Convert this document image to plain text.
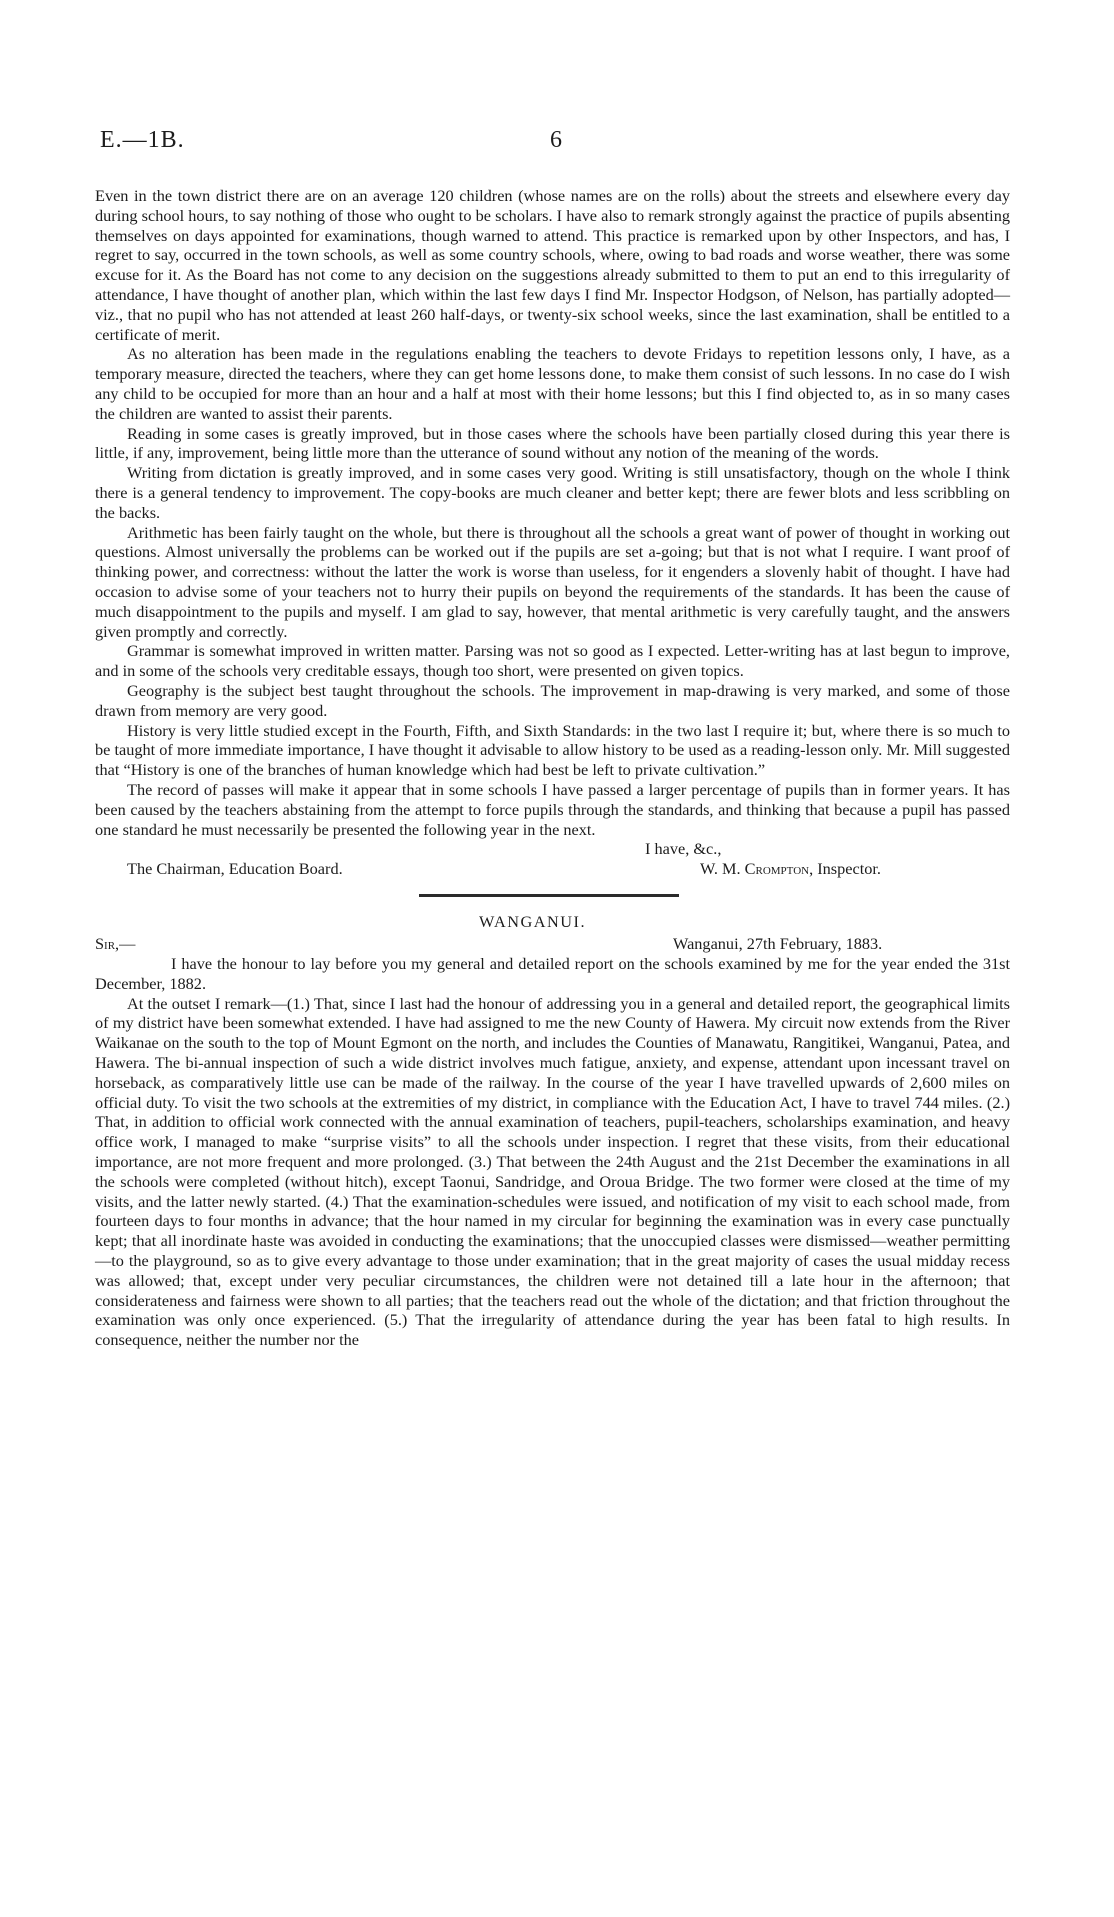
E.—1B.	6

Even in the town district there are on an average 120 children (whose names are on the rolls) about the streets and elsewhere every day during school hours, to say nothing of those who ought to be scholars. I have also to remark strongly against the practice of pupils absenting themselves on days appointed for examinations, though warned to attend. This practice is remarked upon by other Inspectors, and has, I regret to say, occurred in the town schools, as well as some country schools, where, owing to bad roads and worse weather, there was some excuse for it. As the Board has not come to any decision on the suggestions already submitted to them to put an end to this irregularity of attendance, I have thought of another plan, which within the last few days I find Mr. Inspector Hodgson, of Nelson, has partially adopted—viz., that no pupil who has not attended at least 260 half-days, or twenty-six school weeks, since the last examination, shall be entitled to a certificate of merit.

As no alteration has been made in the regulations enabling the teachers to devote Fridays to repetition lessons only, I have, as a temporary measure, directed the teachers, where they can get home lessons done, to make them consist of such lessons. In no case do I wish any child to be occupied for more than an hour and a half at most with their home lessons; but this I find objected to, as in so many cases the children are wanted to assist their parents.

Reading in some cases is greatly improved, but in those cases where the schools have been partially closed during this year there is little, if any, improvement, being little more than the utterance of sound without any notion of the meaning of the words.

Writing from dictation is greatly improved, and in some cases very good. Writing is still unsatisfactory, though on the whole I think there is a general tendency to improvement. The copy-books are much cleaner and better kept; there are fewer blots and less scribbling on the backs.

Arithmetic has been fairly taught on the whole, but there is throughout all the schools a great want of power of thought in working out questions. Almost universally the problems can be worked out if the pupils are set a-going; but that is not what I require. I want proof of thinking power, and correctness: without the latter the work is worse than useless, for it engenders a slovenly habit of thought. I have had occasion to advise some of your teachers not to hurry their pupils on beyond the requirements of the standards. It has been the cause of much disappointment to the pupils and myself. I am glad to say, however, that mental arithmetic is very carefully taught, and the answers given promptly and correctly.

Grammar is somewhat improved in written matter. Parsing was not so good as I expected. Letter-writing has at last begun to improve, and in some of the schools very creditable essays, though too short, were presented on given topics.

Geography is the subject best taught throughout the schools. The improvement in map-drawing is very marked, and some of those drawn from memory are very good.

History is very little studied except in the Fourth, Fifth, and Sixth Standards: in the two last I require it; but, where there is so much to be taught of more immediate importance, I have thought it advisable to allow history to be used as a reading-lesson only. Mr. Mill suggested that “History is one of the branches of human knowledge which had best be left to private cultivation.”

The record of passes will make it appear that in some schools I have passed a larger percentage of pupils than in former years. It has been caused by the teachers abstaining from the attempt to force pupils through the standards, and thinking that because a pupil has passed one standard he must necessarily be presented the following year in the next.

I have, &c.,
The Chairman, Education Board.	W. M. Crompton, Inspector.
WANGANUI.
Sir,—	Wanganui, 27th February, 1883.

I have the honour to lay before you my general and detailed report on the schools examined by me for the year ended the 31st December, 1882.

At the outset I remark—(1.) That, since I last had the honour of addressing you in a general and detailed report, the geographical limits of my district have been somewhat extended. I have had assigned to me the new County of Hawera. My circuit now extends from the River Waikanae on the south to the top of Mount Egmont on the north, and includes the Counties of Manawatu, Rangitikei, Wanganui, Patea, and Hawera. The bi-annual inspection of such a wide district involves much fatigue, anxiety, and expense, attendant upon incessant travel on horseback, as comparatively little use can be made of the railway. In the course of the year I have travelled upwards of 2,600 miles on official duty. To visit the two schools at the extremities of my district, in compliance with the Education Act, I have to travel 744 miles. (2.) That, in addition to official work connected with the annual examination of teachers, pupil-teachers, scholarships examination, and heavy office work, I managed to make “surprise visits” to all the schools under inspection. I regret that these visits, from their educational importance, are not more frequent and more prolonged. (3.) That between the 24th August and the 21st December the examinations in all the schools were completed (without hitch), except Taonui, Sandridge, and Oroua Bridge. The two former were closed at the time of my visits, and the latter newly started. (4.) That the examination-schedules were issued, and notification of my visit to each school made, from fourteen days to four months in advance; that the hour named in my circular for beginning the examination was in every case punctually kept; that all inordinate haste was avoided in conducting the examinations; that the unoccupied classes were dismissed—weather permitting—to the playground, so as to give every advantage to those under examination; that in the great majority of cases the usual midday recess was allowed; that, except under very peculiar circumstances, the children were not detained till a late hour in the afternoon; that considerateness and fairness were shown to all parties; that the teachers read out the whole of the dictation; and that friction throughout the examination was only once experienced. (5.) That the irregularity of attendance during the year has been fatal to high results. In consequence, neither the number nor the
